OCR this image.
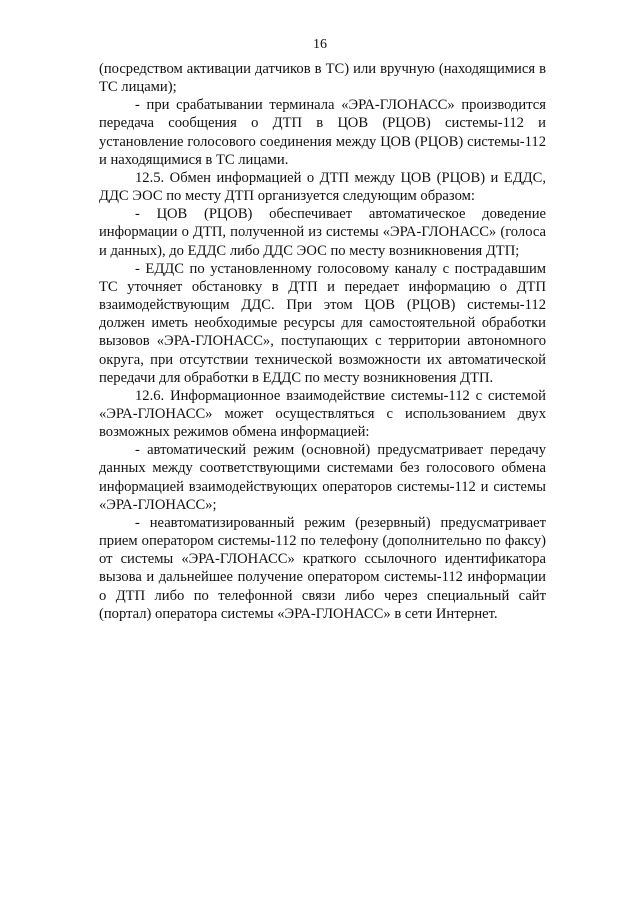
16

(посредством активации датчиков в ТС) или вручную (находящимися в ТС лицами);

- при срабатывании терминала «ЭРА-ГЛОНАСС» производится передача сообщения о ДТП в ЦОВ (РЦОВ) системы-112 и установление голосового соединения между ЦОВ (РЦОВ) системы-112 и находящимися в ТС лицами.

12.5. Обмен информацией о ДТП между ЦОВ (РЦОВ) и ЕДДС, ДДС ЭОС по месту ДТП организуется следующим образом:

- ЦОВ (РЦОВ) обеспечивает автоматическое доведение информации о ДТП, полученной из системы «ЭРА-ГЛОНАСС» (голоса и данных), до ЕДДС либо ДДС ЭОС по месту возникновения ДТП;

- ЕДДС по установленному голосовому каналу с пострадавшим ТС уточняет обстановку в ДТП и передает информацию о ДТП взаимодействующим ДДС. При этом ЦОВ (РЦОВ) системы-112 должен иметь необходимые ресурсы для самостоятельной обработки вызовов «ЭРА-ГЛОНАСС», поступающих с территории автономного округа, при отсутствии технической возможности их автоматической передачи для обработки в ЕДДС по месту возникновения ДТП.

12.6. Информационное взаимодействие системы-112 с системой «ЭРА-ГЛОНАСС» может осуществляться с использованием двух возможных режимов обмена информацией:

- автоматический режим (основной) предусматривает передачу данных между соответствующими системами без голосового обмена информацией взаимодействующих операторов системы-112 и системы «ЭРА-ГЛОНАСС»;

- неавтоматизированный режим (резервный) предусматривает прием оператором системы-112 по телефону (дополнительно по факсу) от системы «ЭРА-ГЛОНАСС» краткого ссылочного идентификатора вызова и дальнейшее получение оператором системы-112 информации о ДТП либо по телефонной связи либо через специальный сайт (портал) оператора системы «ЭРА-ГЛОНАСС» в сети Интернет.
